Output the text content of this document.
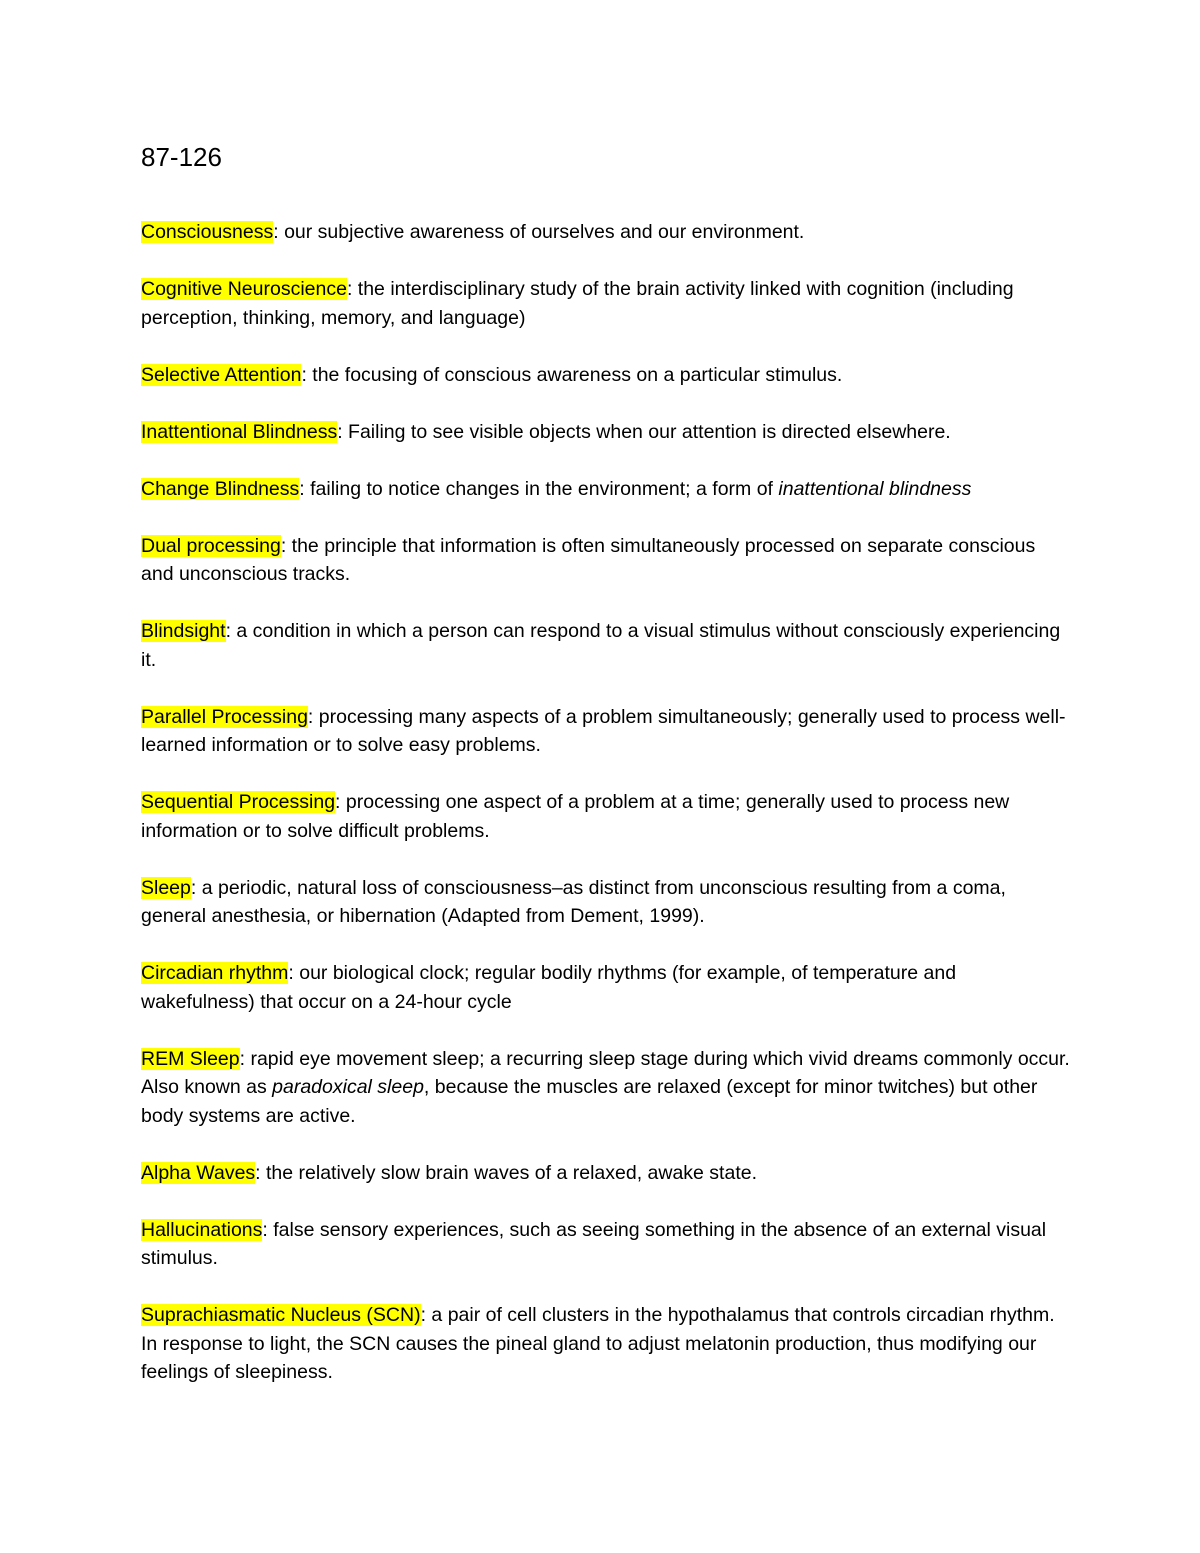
87-126
Consciousness: our subjective awareness of ourselves and our environment.
Cognitive Neuroscience: the interdisciplinary study of the brain activity linked with cognition (including perception, thinking, memory, and language)
Selective Attention: the focusing of conscious awareness on a particular stimulus.
Inattentional Blindness: Failing to see visible objects when our attention is directed elsewhere.
Change Blindness: failing to notice changes in the environment; a form of inattentional blindness
Dual processing: the principle that information is often simultaneously processed on separate conscious and unconscious tracks.
Blindsight: a condition in which a person can respond to a visual stimulus without consciously experiencing it.
Parallel Processing: processing many aspects of a problem simultaneously; generally used to process well-learned information or to solve easy problems.
Sequential Processing: processing one aspect of a problem at a time; generally used to process new information or to solve difficult problems.
Sleep: a periodic, natural loss of consciousness–as distinct from unconscious resulting from a coma, general anesthesia, or hibernation (Adapted from Dement, 1999).
Circadian rhythm: our biological clock; regular bodily rhythms (for example, of temperature and wakefulness) that occur on a 24-hour cycle
REM Sleep: rapid eye movement sleep; a recurring sleep stage during which vivid dreams commonly occur. Also known as paradoxical sleep, because the muscles are relaxed (except for minor twitches) but other body systems are active.
Alpha Waves: the relatively slow brain waves of a relaxed, awake state.
Hallucinations: false sensory experiences, such as seeing something in the absence of an external visual stimulus.
Suprachiasmatic Nucleus (SCN): a pair of cell clusters in the hypothalamus that controls circadian rhythm. In response to light, the SCN causes the pineal gland to adjust melatonin production, thus modifying our feelings of sleepiness.
